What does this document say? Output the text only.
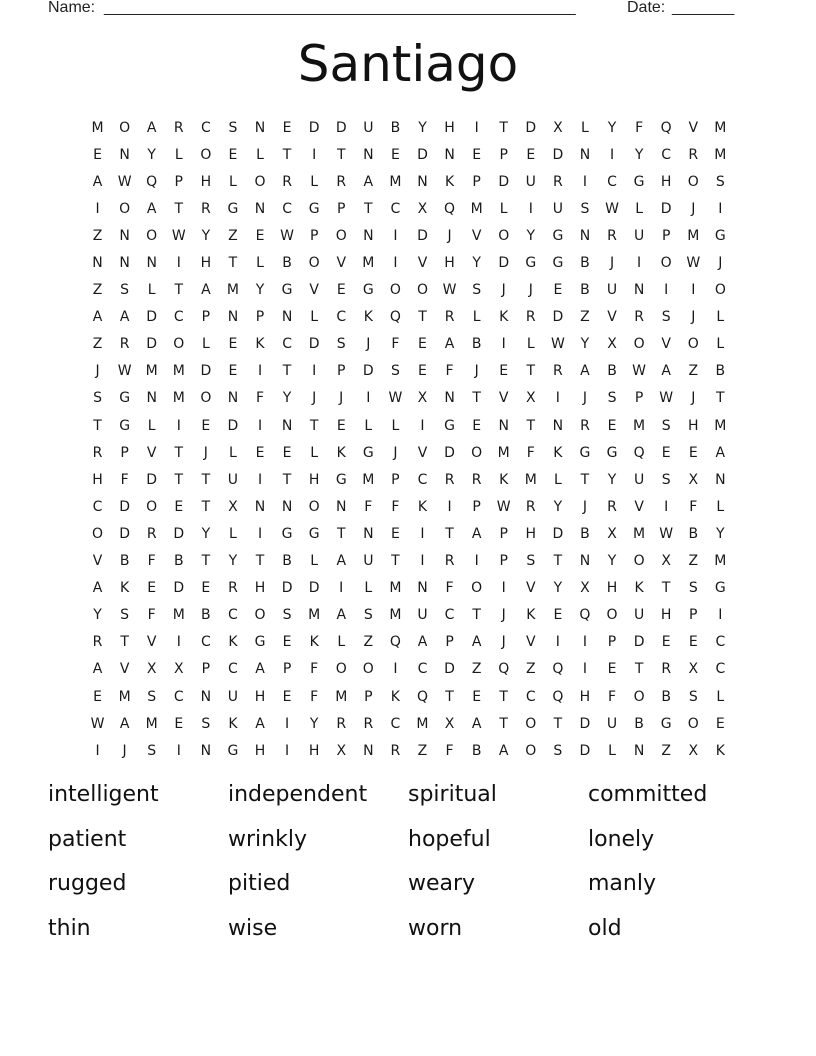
Name: _____________________________________________________	Date: _______
Santiago
M	O	A	R	C	S	N	E	D	D	U	B	Y	H	I	T	D	X	L	Y	F	Q	V	M
E	N	Y	L	O	E	L	T	I	T	N	E	D	N	E	P	E	D	N	I	Y	C	R	M
A	W	Q	P	H	L	O	R	L	R	A	M	N	K	P	D	U	R	I	C	G	H	O	S
I	O	A	T	R	G	N	C	G	P	T	C	X	Q	M	L	I	U	S	W	L	D	J	I
Z	N	O	W	Y	Z	E	W	P	O	N	I	D	J	V	O	Y	G	N	R	U	P	M	G
N	N	N	I	H	T	L	B	O	V	M	I	V	H	Y	D	G	G	B	J	I	O	W	J
Z	S	L	T	A	M	Y	G	V	E	G	O	O	W	S	J	J	E	B	U	N	I	I	O
A	A	D	C	P	N	P	N	L	C	K	Q	T	R	L	K	R	D	Z	V	R	S	J	L
Z	R	D	O	L	E	K	C	D	S	J	F	E	A	B	I	L	W	Y	X	O	V	O	L
J	W	M	M	D	E	I	T	I	P	D	S	E	F	J	E	T	R	A	B	W	A	Z	B
S	G	N	M	O	N	F	Y	J	J	I	W	X	N	T	V	X	I	J	S	P	W	J	T
T	G	L	I	E	D	I	N	T	E	L	L	I	G	E	N	T	N	R	E	M	S	H	M
R	P	V	T	J	L	E	E	L	K	G	J	V	D	O	M	F	K	G	G	Q	E	E	A
H	F	D	T	T	U	I	T	H	G	M	P	C	R	R	K	M	L	T	Y	U	S	X	N
C	D	O	E	T	X	N	N	O	N	F	F	K	I	P	W	R	Y	J	R	V	I	F	L
O	D	R	D	Y	L	I	G	G	T	N	E	I	T	A	P	H	D	B	X	M	W	B	Y
V	B	F	B	T	Y	T	B	L	A	U	T	I	R	I	P	S	T	N	Y	O	X	Z	M
A	K	E	D	E	R	H	D	D	I	L	M	N	F	O	I	V	Y	X	H	K	T	S	G
Y	S	F	M	B	C	O	S	M	A	S	M	U	C	T	J	K	E	Q	O	U	H	P	I
R	T	V	I	C	K	G	E	K	L	Z	Q	A	P	A	J	V	I	I	P	D	E	E	C
A	V	X	X	P	C	A	P	F	O	O	I	C	D	Z	Q	Z	Q	I	E	T	R	X	C
E	M	S	C	N	U	H	E	F	M	P	K	Q	T	E	T	C	Q	H	F	O	B	S	L
W	A	M	E	S	K	A	I	Y	R	R	C	M	X	A	T	O	T	D	U	B	G	O	E
I	J	S	I	N	G	H	I	H	X	N	R	Z	F	B	A	O	S	D	L	N	Z	X	K
intelligent	independent	spiritual	committed
patient	wrinkly	hopeful	lonely
rugged	pitied	weary	manly
thin	wise	worn	old
